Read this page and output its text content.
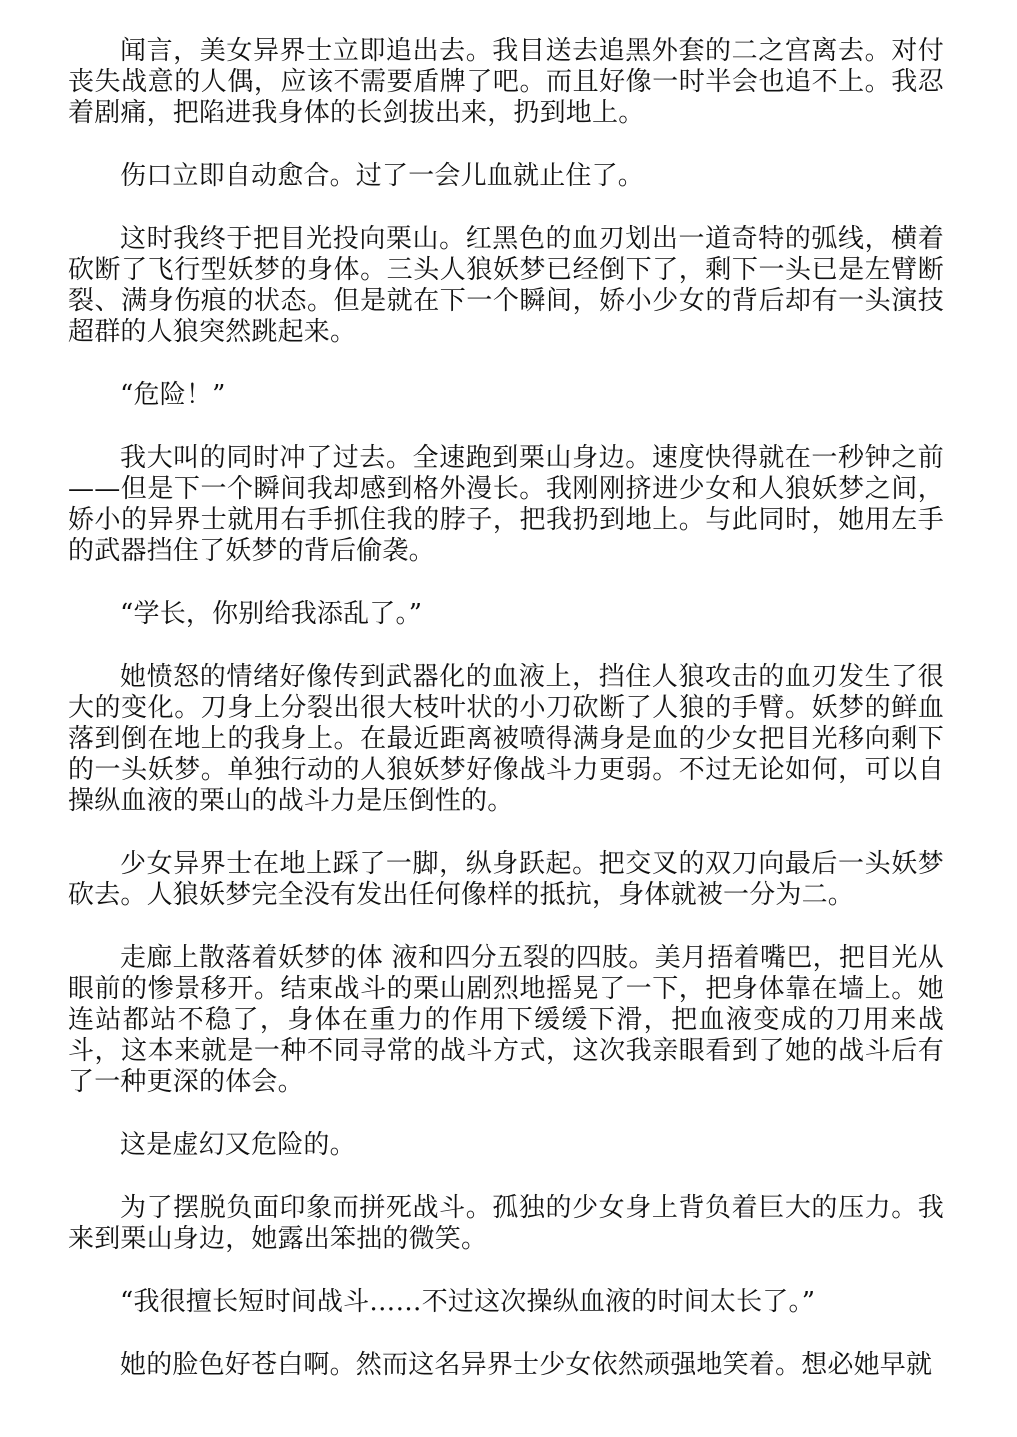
闻言，美女异界士立即追出去。我目送去追黑外套的二之宫离去。对付丧失战意的人偶，应该不需要盾牌了吧。而且好像一时半会也追不上。我忍着剧痛，把陷进我身体的长剑拔出来，扔到地上。

伤口立即自动愈合。过了一会儿血就止住了。

这时我终于把目光投向栗山。红黑色的血刃划出一道奇特的弧线，横着砍断了飞行型妖梦的身体。三头人狼妖梦已经倒下了，剩下一头已是左臂断裂、满身伤痕的状态。但是就在下一个瞬间，娇小少女的背后却有一头演技超群的人狼突然跳起来。

“危险！”

我大叫的同时冲了过去。全速跑到栗山身边。速度快得就在一秒钟之前——但是下一个瞬间我却感到格外漫长。我刚刚挤进少女和人狼妖梦之间，娇小的异界士就用右手抓住我的脖子，把我扔到地上。与此同时，她用左手的武器挡住了妖梦的背后偷袭。

“学长，你别给我添乱了。”

她愤怒的情绪好像传到武器化的血液上，挡住人狼攻击的血刃发生了很大的变化。刀身上分裂出很大枝叶状的小刀砍断了人狼的手臂。妖梦的鲜血落到倒在地上的我身上。在最近距离被喷得满身是血的少女把目光移向剩下的一头妖梦。单独行动的人狼妖梦好像战斗力更弱。不过无论如何，可以自操纵血液的栗山的战斗力是压倒性的。

少女异界士在地上踩了一脚，纵身跃起。把交叉的双刀向最后一头妖梦砍去。人狼妖梦完全没有发出任何像样的抵抗，身体就被一分为二。

走廊上散落着妖梦的体 液和四分五裂的四肢。美月捂着嘴巴，把目光从眼前的惨景移开。结束战斗的栗山剧烈地摇晃了一下，把身体靠在墙上。她连站都站不稳了，身体在重力的作用下缓缓下滑，把血液变成的刀用来战斗，这本来就是一种不同寻常的战斗方式，这次我亲眼看到了她的战斗后有了一种更深的体会。

这是虚幻又危险的。

为了摆脱负面印象而拼死战斗。孤独的少女身上背负着巨大的压力。我来到栗山身边，她露出笨拙的微笑。

“我很擅长短时间战斗……不过这次操纵血液的时间太长了。”

她的脸色好苍白啊。然而这名异界士少女依然顽强地笑着。想必她早就
